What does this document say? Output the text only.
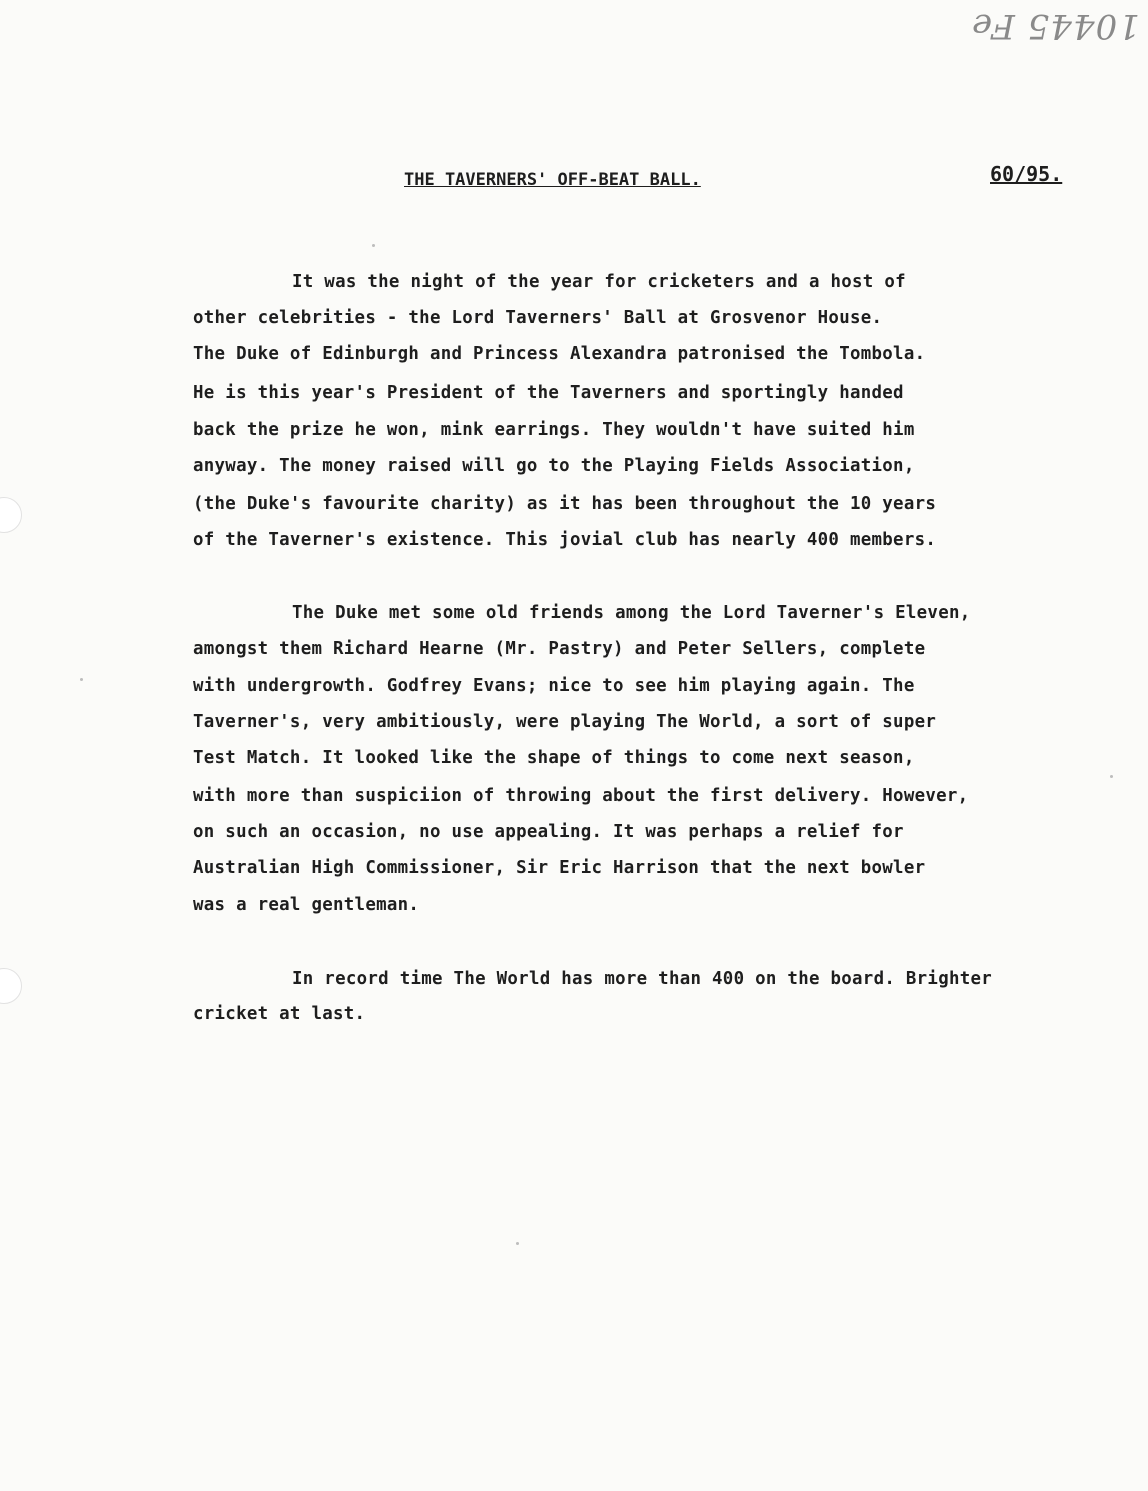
10445 Fe
THE TAVERNERS' OFF-BEAT BALL.	60/95.
It was the night of the year for cricketers and a host of
other celebrities - the Lord Taverners' Ball at Grosvenor House.
The Duke of Edinburgh and Princess Alexandra patronised the Tombola.
He is this year's President of the Taverners and sportingly handed
back the prize he won, mink earrings. They wouldn't have suited him
anyway. The money raised will go to the Playing Fields Association,
(the Duke's favourite charity) as it has been throughout the 10 years
of the Taverner's existence. This jovial club has nearly 400 members.
The Duke met some old friends among the Lord Taverner's Eleven,
amongst them Richard Hearne (Mr. Pastry) and Peter Sellers, complete
with undergrowth. Godfrey Evans; nice to see him playing again. The
Taverner's, very ambitiously, were playing The World, a sort of super
Test Match. It looked like the shape of things to come next season,
with more than suspiciion of throwing about the first delivery. However,
on such an occasion, no use appealing. It was perhaps a relief for
Australian High Commissioner, Sir Eric Harrison that the next bowler
was a real gentleman.
In record time The World has more than 400 on the board. Brighter
cricket at last.
